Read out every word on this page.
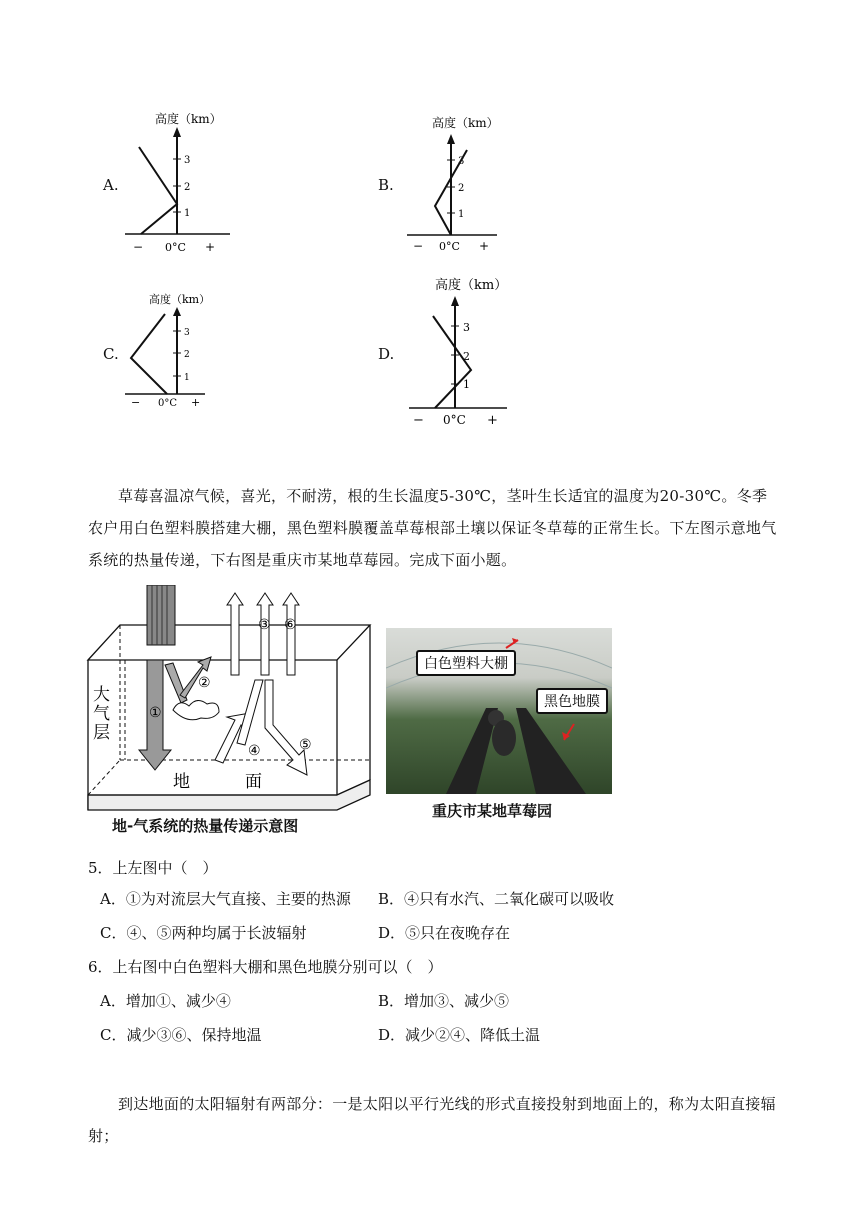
A.
高度（km）
1
2
3
− 0°C +
B.
高度（km）
1
2
3
− 0°C +
C.
高度（km）
1
2
3
− 0°C +
D.
高度（km）
1
2
3
− 0°C +
草莓喜温凉气候，喜光，不耐涝，根的生长温度5-30℃，茎叶生长适宜的温度为20-30℃。冬季农户用白色塑料膜搭建大棚，黑色塑料膜覆盖草莓根部土壤以保证冬草莓的正常生长。下左图示意地气系统的热量传递，下右图是重庆市某地草莓园。完成下面小题。
大
气
层
地	面
①
②
③
④	⑤
⑥
地-气系统的热量传递示意图
白色塑料大棚
黑色地膜
重庆市某地草莓园
5．上左图中（　）
A．①为对流层大气直接、主要的热源 B．④只有水汽、二氧化碳可以吸收
C．④、⑤两种均属于长波辐射	D．⑤只在夜晚存在
6．上右图中白色塑料大棚和黑色地膜分别可以（　）
A．增加①、减少④	B．增加③、减少⑤
C．减少③⑥、保持地温	D．减少②④、降低土温
到达地面的太阳辐射有两部分：一是太阳以平行光线的形式直接投射到地面上的，称为太阳直接辐射；
